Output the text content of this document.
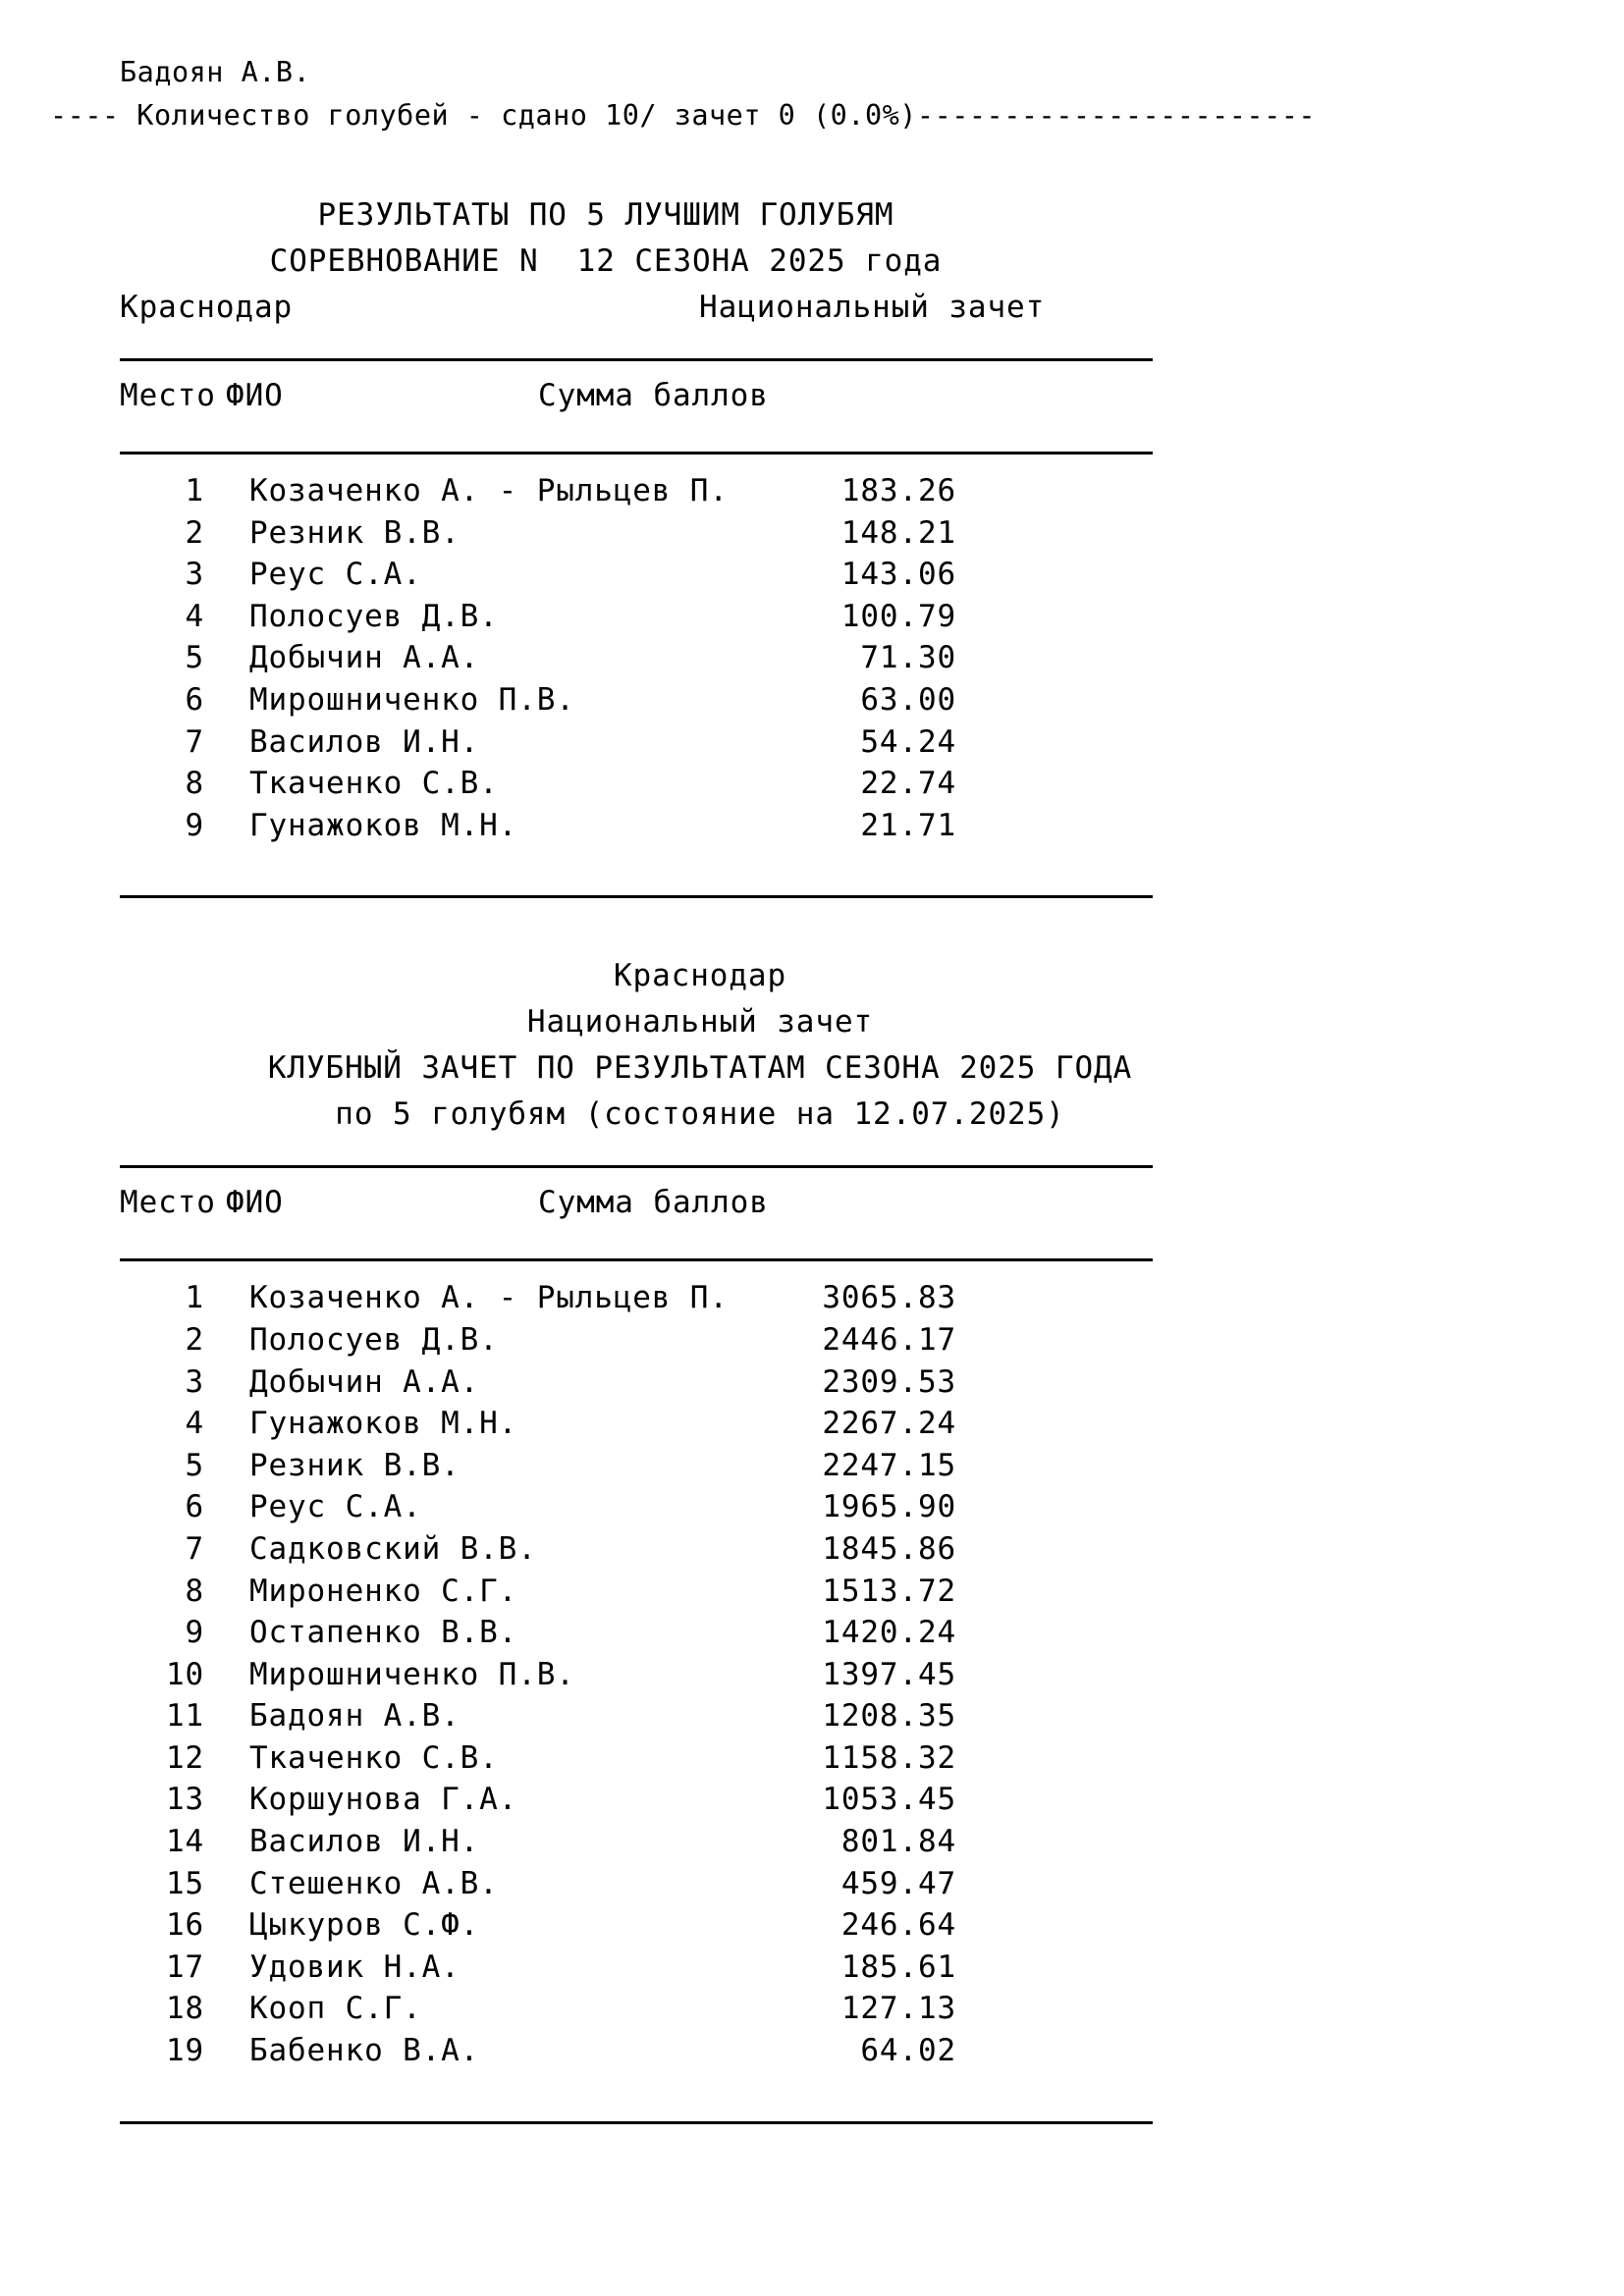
Бадоян А.В.
---- Количество голубей - сдано 10/ зачет 0 (0.0%)-----------------------
РЕЗУЛЬТАТЫ ПО 5 ЛУЧШИМ ГОЛУБЯМ
СОРЕВНОВАНИЕ N  12 СЕЗОНА 2025 года
Краснодар	Национальный зачет
Место ФИО	Сумма баллов
1	Козаченко А. - Рыльцев П.	183.26
2	Резник В.В.	148.21
3	Реус С.А.	143.06
4	Полосуев Д.В.	100.79
5	Добычин А.А.	71.30
6	Мирошниченко П.В.	63.00
7	Василов И.Н.	54.24
8	Ткаченко С.В.	22.74
9	Гунажоков М.Н.	21.71
Краснодар
Национальный зачет
КЛУБНЫЙ ЗАЧЕТ ПО РЕЗУЛЬТАТАМ СЕЗОНА 2025 ГОДА
по 5 голубям (состояние на 12.07.2025)
Место ФИО	Сумма баллов
1	Козаченко А. - Рыльцев П.	3065.83
2	Полосуев Д.В.	2446.17
3	Добычин А.А.	2309.53
4	Гунажоков М.Н.	2267.24
5	Резник В.В.	2247.15
6	Реус С.А.	1965.90
7	Садковский В.В.	1845.86
8	Мироненко С.Г.	1513.72
9	Остапенко В.В.	1420.24
10	Мирошниченко П.В.	1397.45
11	Бадоян А.В.	1208.35
12	Ткаченко С.В.	1158.32
13	Коршунова Г.А.	1053.45
14	Василов И.Н.	801.84
15	Стешенко А.В.	459.47
16	Цыкуров С.Ф.	246.64
17	Удовик Н.А.	185.61
18	Кооп С.Г.	127.13
19	Бабенко В.А.	64.02
